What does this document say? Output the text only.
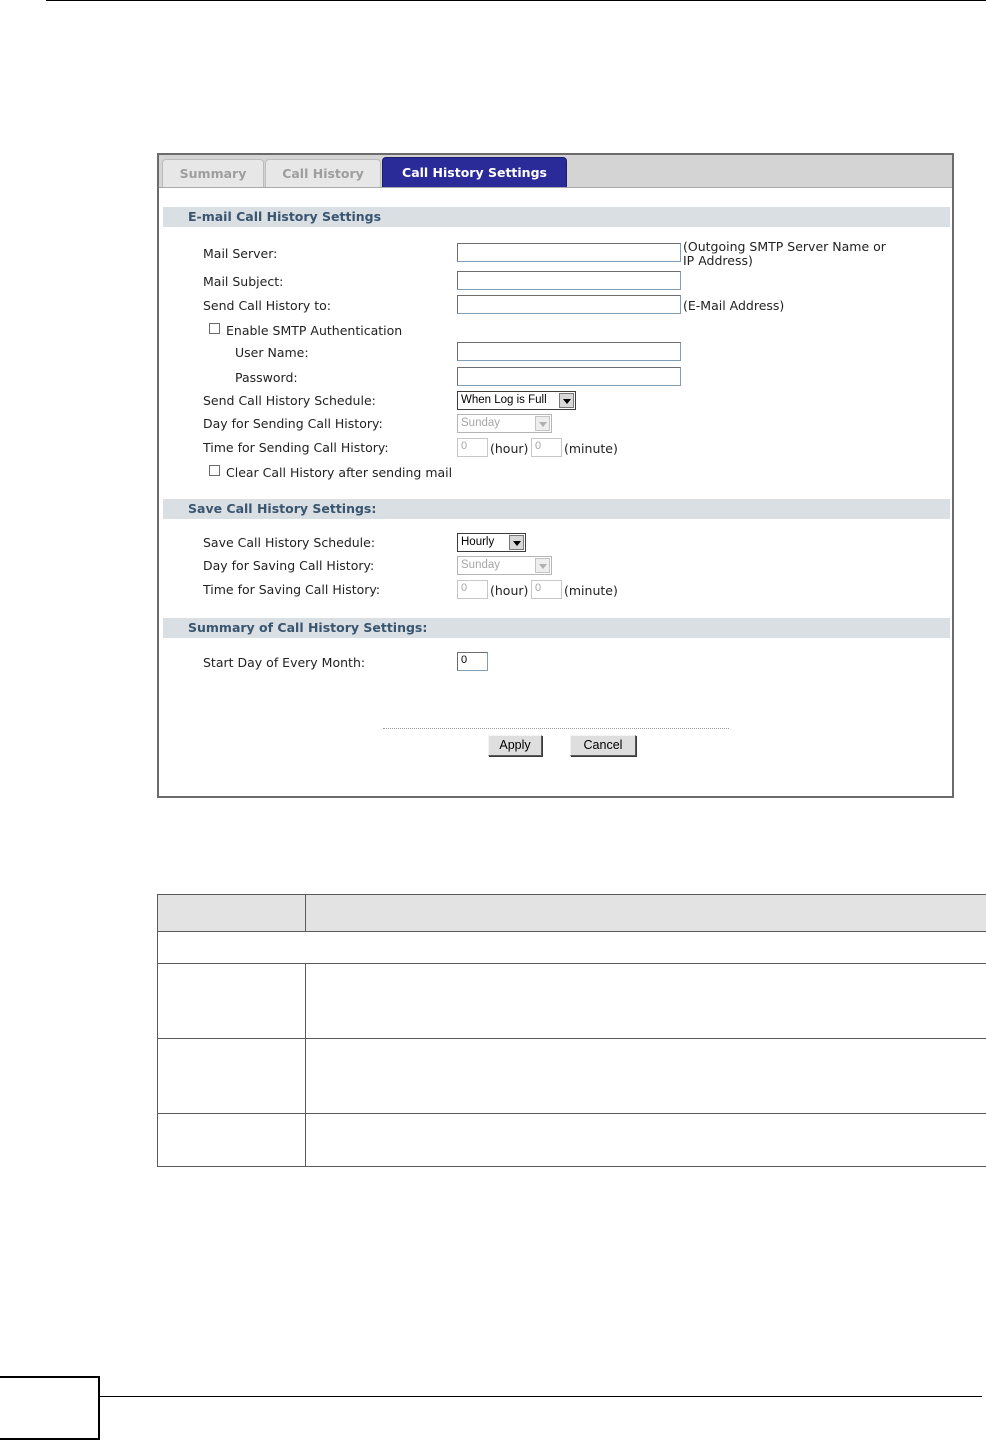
Summary	Call History	Call History Settings
E-mail Call History Settings
Mail Server:	(Outgoing SMTP Server Name or
IP Address)
Mail Subject:
Send Call History to:	(E-Mail Address)
Enable SMTP Authentication
User Name:
Password:
Send Call History Schedule:	When Log is Full
Day for Sending Call History:	Sunday
Time for Sending Call History:	0	(hour) 0	(minute)
Clear Call History after sending mail
Save Call History Settings:
Save Call History Schedule:	Hourly
Day for Saving Call History:	Sunday
Time for Saving Call History:	0	(hour) 0	(minute)
Summary of Call History Settings:
Start Day of Every Month:	0
Apply	Cancel
